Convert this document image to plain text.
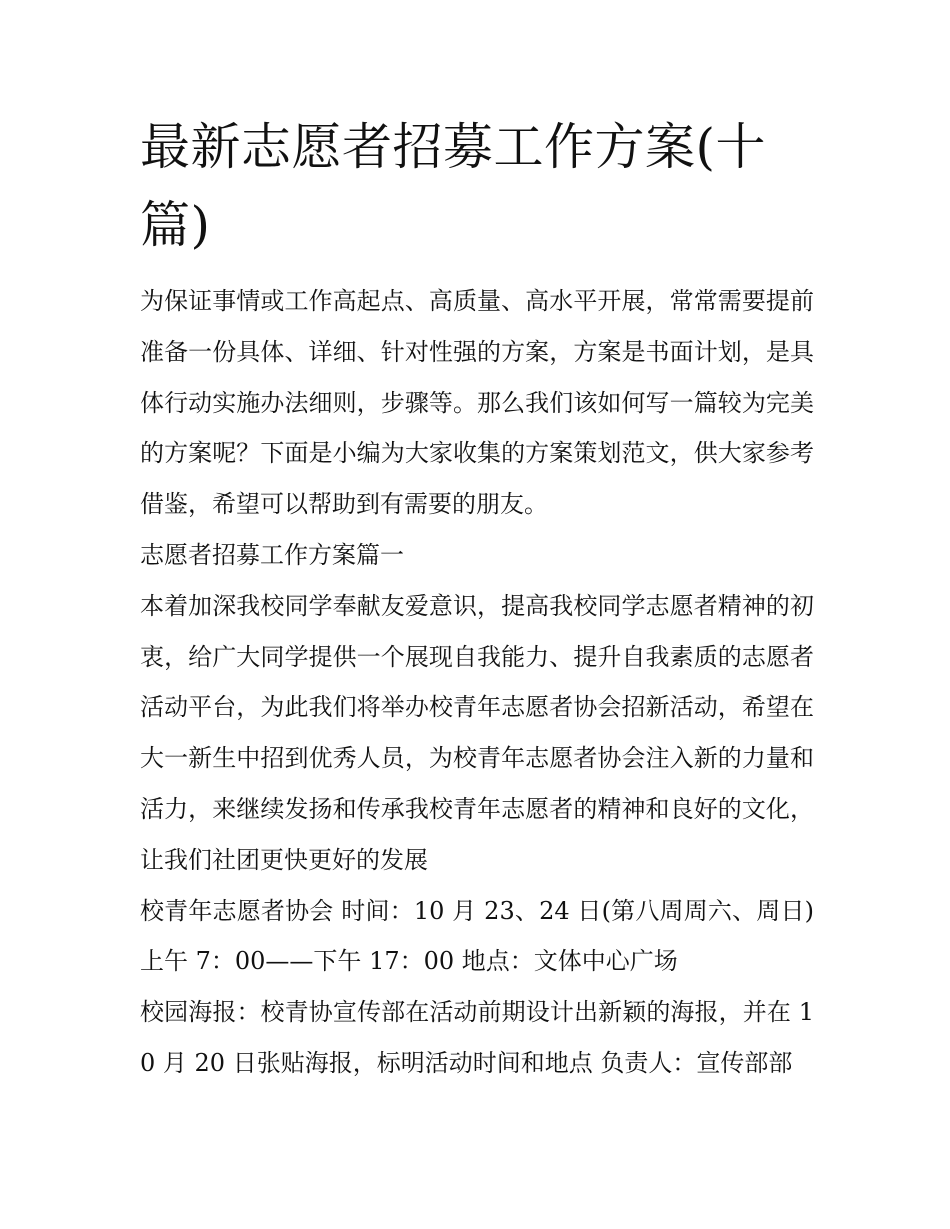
最新志愿者招募工作方案(十篇)

为保证事情或工作高起点、高质量、高水平开展，常常需要提前准备一份具体、详细、针对性强的方案，方案是书面计划，是具体行动实施办法细则，步骤等。那么我们该如何写一篇较为完美的方案呢？下面是小编为大家收集的方案策划范文，供大家参考借鉴，希望可以帮助到有需要的朋友。

志愿者招募工作方案篇一

本着加深我校同学奉献友爱意识，提高我校同学志愿者精神的初衷，给广大同学提供一个展现自我能力、提升自我素质的志愿者活动平台，为此我们将举办校青年志愿者协会招新活动，希望在大一新生中招到优秀人员，为校青年志愿者协会注入新的力量和活力，来继续发扬和传承我校青年志愿者的精神和良好的文化，让我们社团更快更好的发展

校青年志愿者协会 时间：10 月 23、24 日(第八周周六、周日)上午 7：00——下午 17：00 地点：文体中心广场

校园海报：校青协宣传部在活动前期设计出新颖的海报，并在 10 月 20 日张贴海报，标明活动时间和地点 负责人：宣传部部
